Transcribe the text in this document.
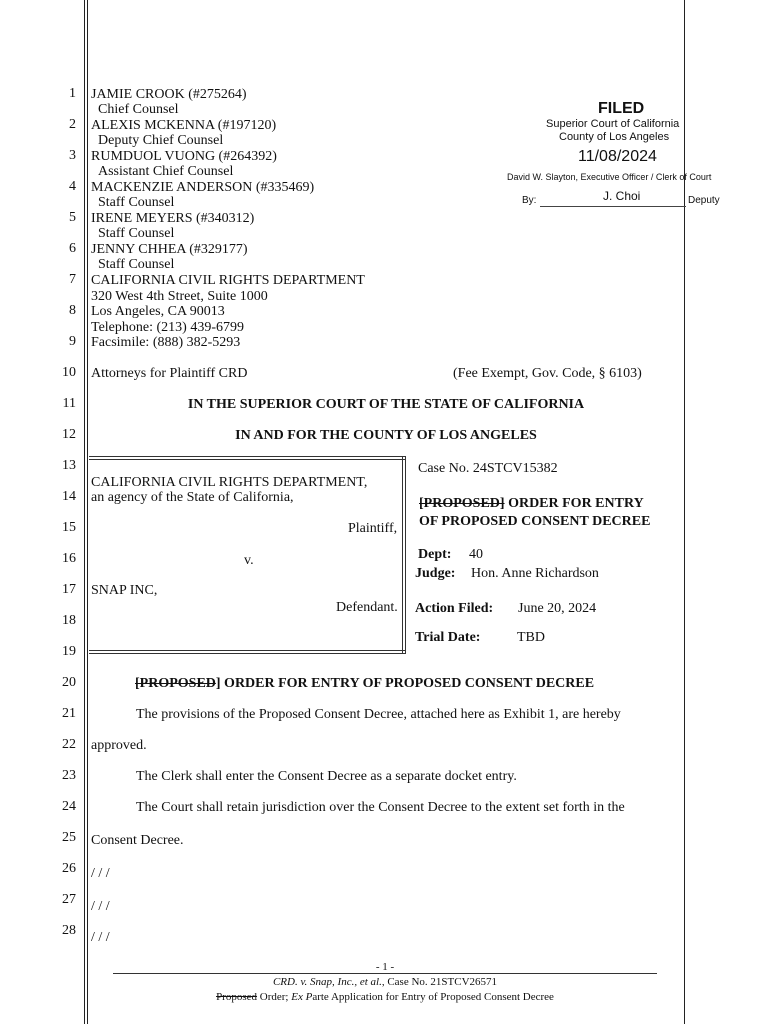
1
2
3
4
5
6
7
8
9
10
11
12
13
14
15
16
17
18
19
20
21
22
23
24
25
26
27
28
JAMIE CROOK (#275264)
Chief Counsel
ALEXIS MCKENNA (#197120)
Deputy Chief Counsel
RUMDUOL VUONG (#264392)
Assistant Chief Counsel
MACKENZIE ANDERSON (#335469)
Staff Counsel
IRENE MEYERS (#340312)
Staff Counsel
JENNY CHHEA (#329177)
Staff Counsel
CALIFORNIA CIVIL RIGHTS DEPARTMENT
320 West 4th Street, Suite 1000
Los Angeles, CA 90013
Telephone: (213) 439-6799
Facsimile: (888) 382-5293
FILED
Superior Court of California
County of Los Angeles
11/08/2024
David W. Slayton, Executive Officer / Clerk of Court
By:	J. Choi	Deputy
Attorneys for Plaintiff CRD	(Fee Exempt, Gov. Code, § 6103)
IN THE SUPERIOR COURT OF THE STATE OF CALIFORNIA
IN AND FOR THE COUNTY OF LOS ANGELES
CALIFORNIA CIVIL RIGHTS DEPARTMENT,
an agency of the State of California,
Plaintiff,
v.
SNAP INC,
Defendant.
Case No. 24STCV15382
[PROPOSED] ORDER FOR ENTRY
OF PROPOSED CONSENT DECREE
Dept: 40
Judge: Hon. Anne Richardson
Action Filed: June 20, 2024
Trial Date:	TBD
[PROPOSED] ORDER FOR ENTRY OF PROPOSED CONSENT DECREE
The provisions of the Proposed Consent Decree, attached here as Exhibit 1, are hereby
approved.
The Clerk shall enter the Consent Decree as a separate docket entry.
The Court shall retain jurisdiction over the Consent Decree to the extent set forth in the
Consent Decree.
/ / /
/ / /
/ / /
- 1 -
CRD. v. Snap, Inc., et al., Case No. 21STCV26571
Proposed Order; Ex Parte Application for Entry of Proposed Consent Decree
